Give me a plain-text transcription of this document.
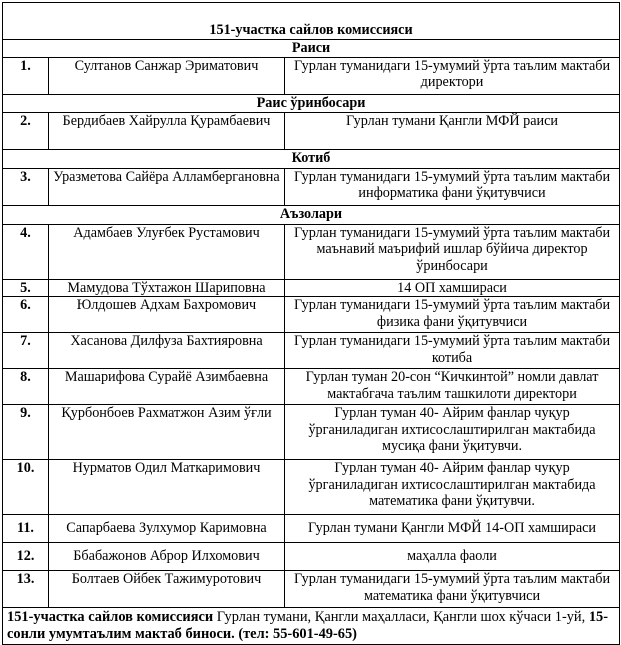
151-участка сайлов комиссияси		
Раиси		
1.	Султанов Санжар Эриматович	Гурлан туманидаги 15-умумий ўрта таълим мактаби директори
Раис ўринбосари		
2.	Бердибаев Хайрулла Қурамбаевич	Гурлан тумани Қангли МФЙ раиси
Котиб		
3.	Уразметова Сайёра Алламбергановна	Гурлан туманидаги 15-умумий ўрта таълим мактаби информатика фани ўқитувчиси
Аъзолари		
4.	Адамбаев Улуғбек Рустамович	Гурлан туманидаги 15-умумий ўрта таълим мактаби маънавий маърифий ишлар бўйича директор ўринбосари
5.	Мамудова Тўхтажон Шариповна	14 ОП хамшираси
6.	Юлдошев Адхам Бахромович	Гурлан туманидаги 15-умумий ўрта таълим мактаби физика фани ўқитувчиси
7.	Хасанова Дилфуза Бахтияровна	Гурлан туманидаги 15-умумий ўрта таълим мактаби котиба
8.	Машарифова Сурайё Азимбаевна	Гурлан туман 20-сон “Кичкинтой” номли давлат мактабгача таълим ташкилоти директори
9.	Қурбонбоев Рахматжон Азим ўғли	Гурлан туман 40- Айрим фанлар чуқур ўрганиладиган ихтисослаштирилган мактабида мусиқа фани ўқитувчи.
10.	Нурматов Одил Маткаримович	Гурлан туман 40- Айрим фанлар чуқур ўрганиладиган ихтисослаштирилган мактабида математика фани ўқитувчи.
11.	Сапарбаева Зулхумор Каримовна	Гурлан тумани Қангли МФЙ 14-ОП хамшираси
12.	Ббабажонов Аброр Илхомович	маҳалла фаоли
13.	Болтаев Ойбек Тажимуротович	Гурлан туманидаги 15-умумий ўрта таълим мактаби математика фани ўқитувчиси
151-участка сайлов комиссияси Гурлан тумани, Қангли маҳалласи, Қангли шох кўчаси 1-уй, 15-сонли умумтаълим мактаб биноси. (тел: 55-601-49-65)		
